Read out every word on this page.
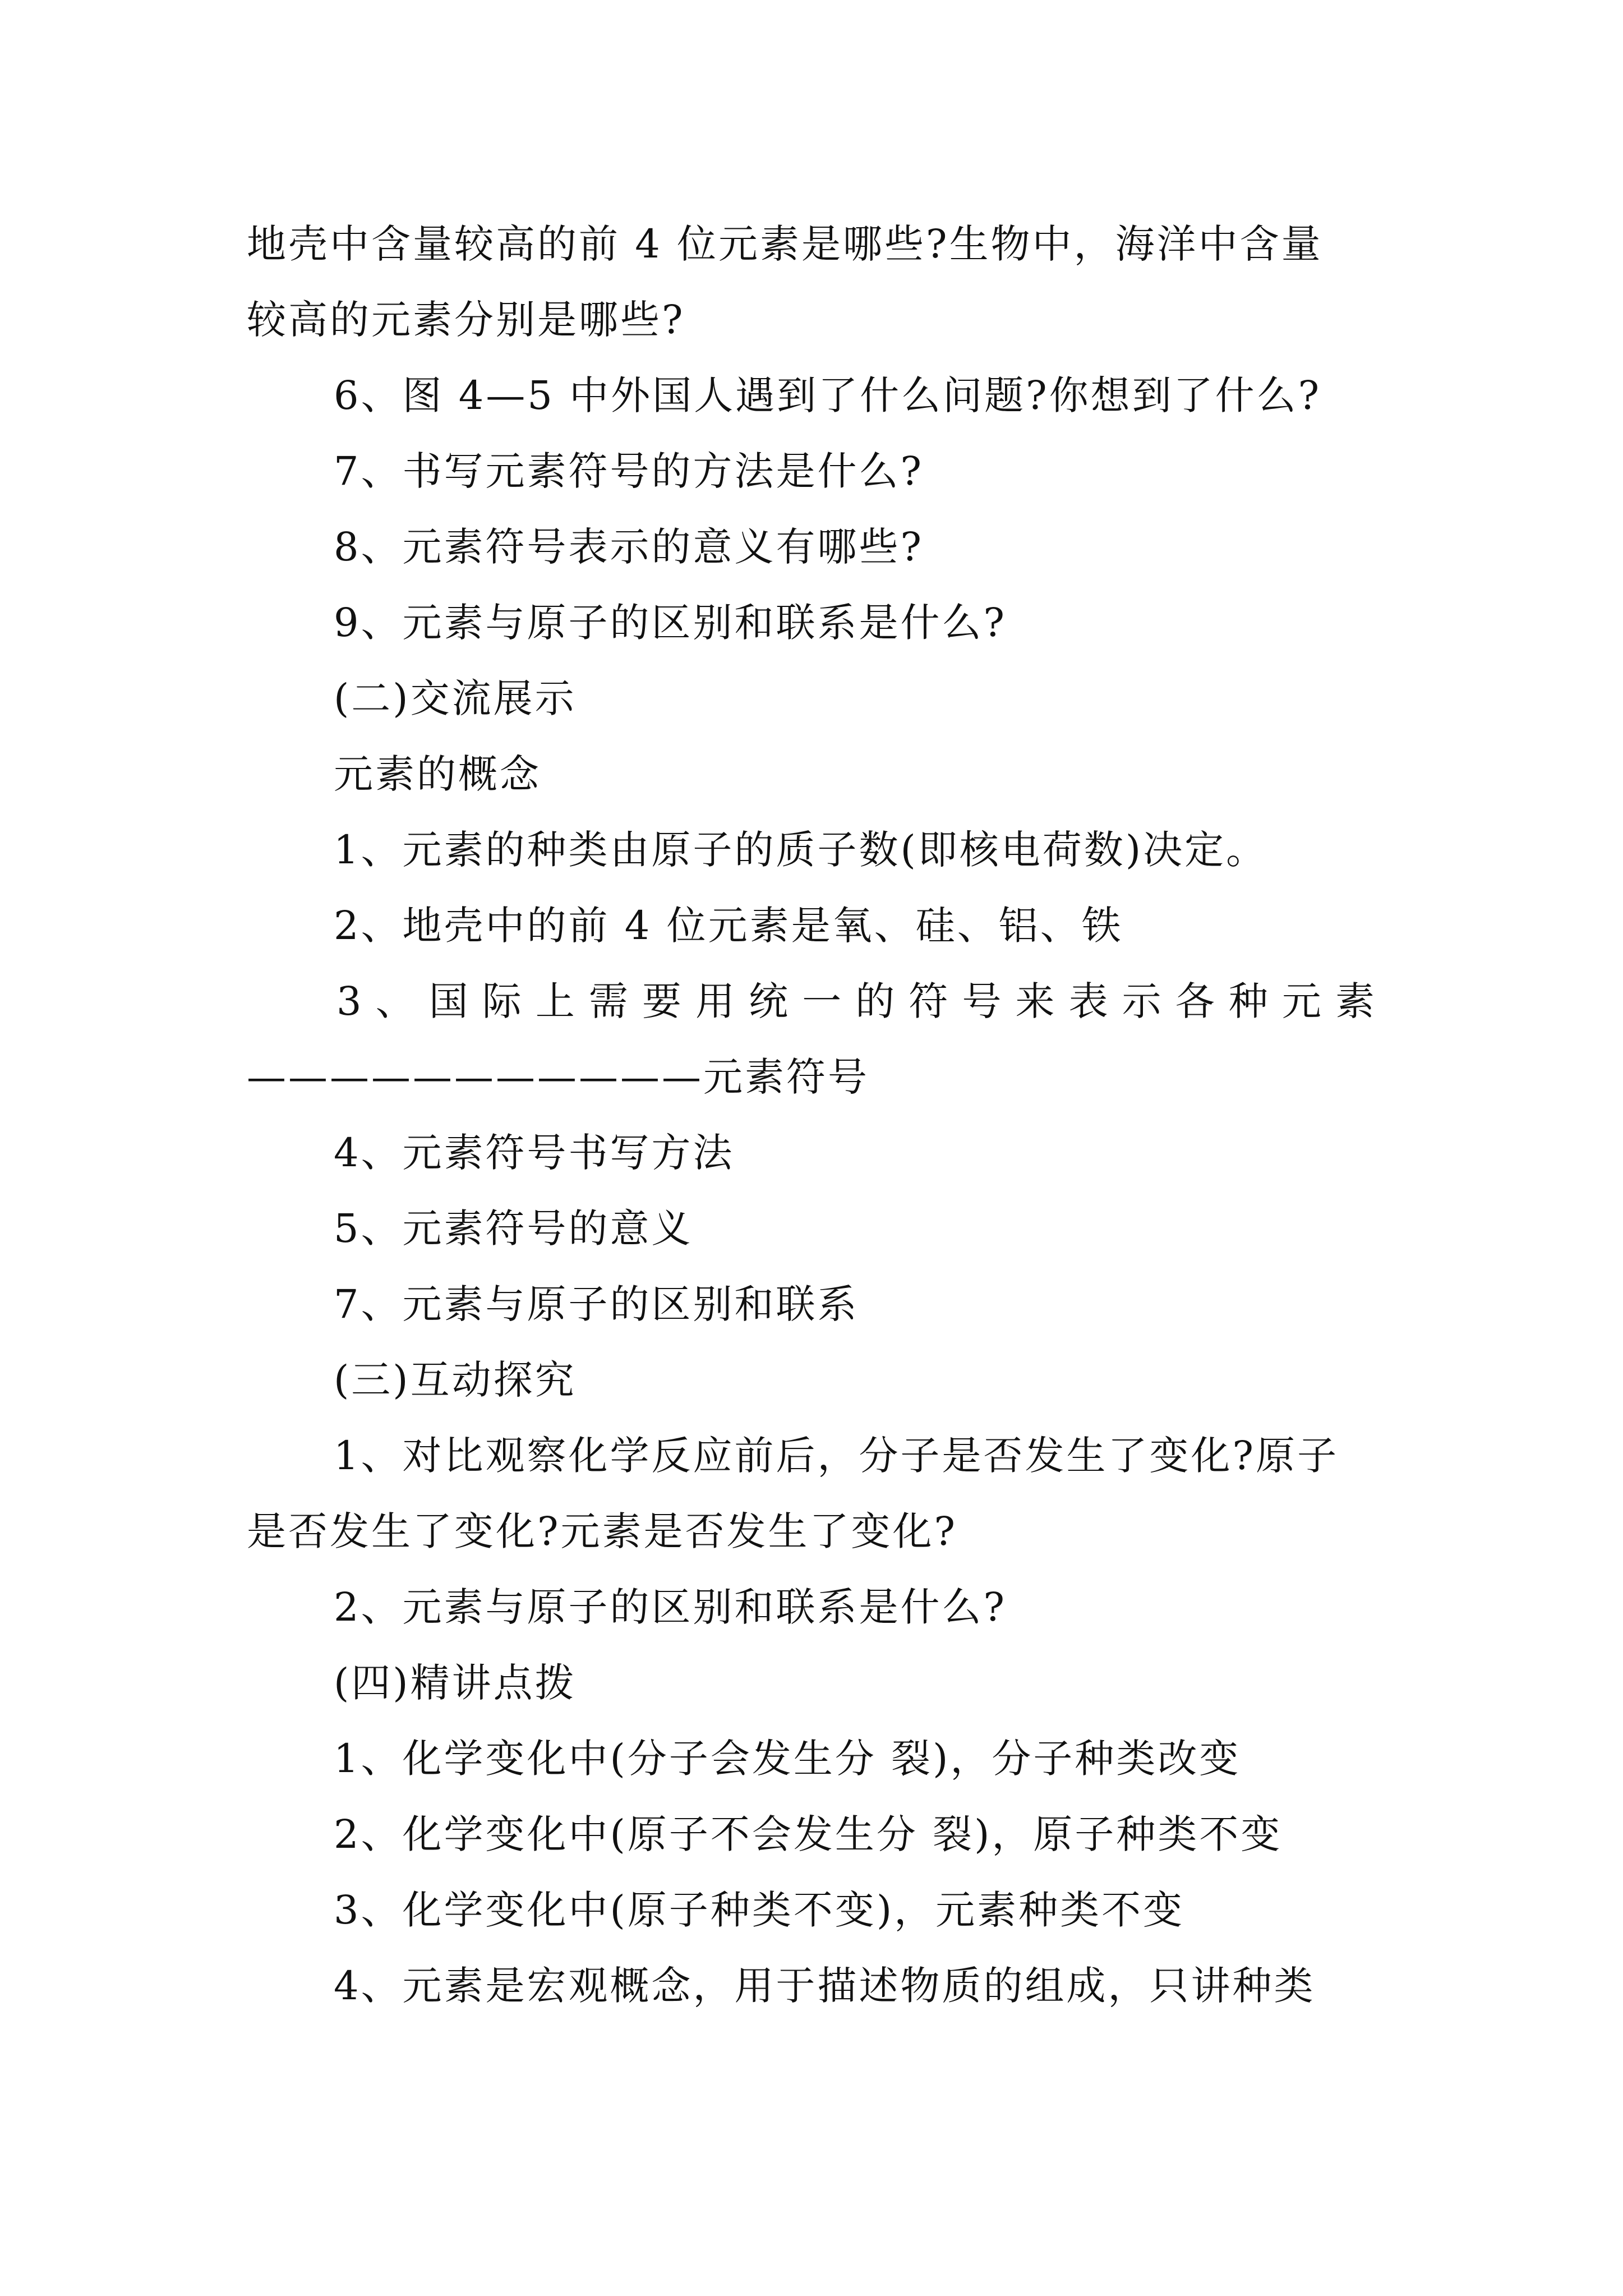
地壳中含量较高的前 4 位元素是哪些?生物中，海洋中含量
较高的元素分别是哪些?
6、图 4—5 中外国人遇到了什么问题?你想到了什么?
7、书写元素符号的方法是什么?
8、元素符号表示的意义有哪些?
9、元素与原子的区别和联系是什么?
(二)交流展示
元素的概念
1、元素的种类由原子的质子数(即核电荷数)决定。
2、地壳中的前 4 位元素是氧、硅、铝、铁
3、国际上需要用统一的符号来表示各种元素
———————————元素符号
4、元素符号书写方法
5、元素符号的意义
7、元素与原子的区别和联系
(三)互动探究
1、对比观察化学反应前后，分子是否发生了变化?原子
是否发生了变化?元素是否发生了变化?
2、元素与原子的区别和联系是什么?
(四)精讲点拨
1、化学变化中(分子会发生分 裂)，分子种类改变
2、化学变化中(原子不会发生分 裂)，原子种类不变
3、化学变化中(原子种类不变)，元素种类不变
4、元素是宏观概念，用于描述物质的组成，只讲种类
